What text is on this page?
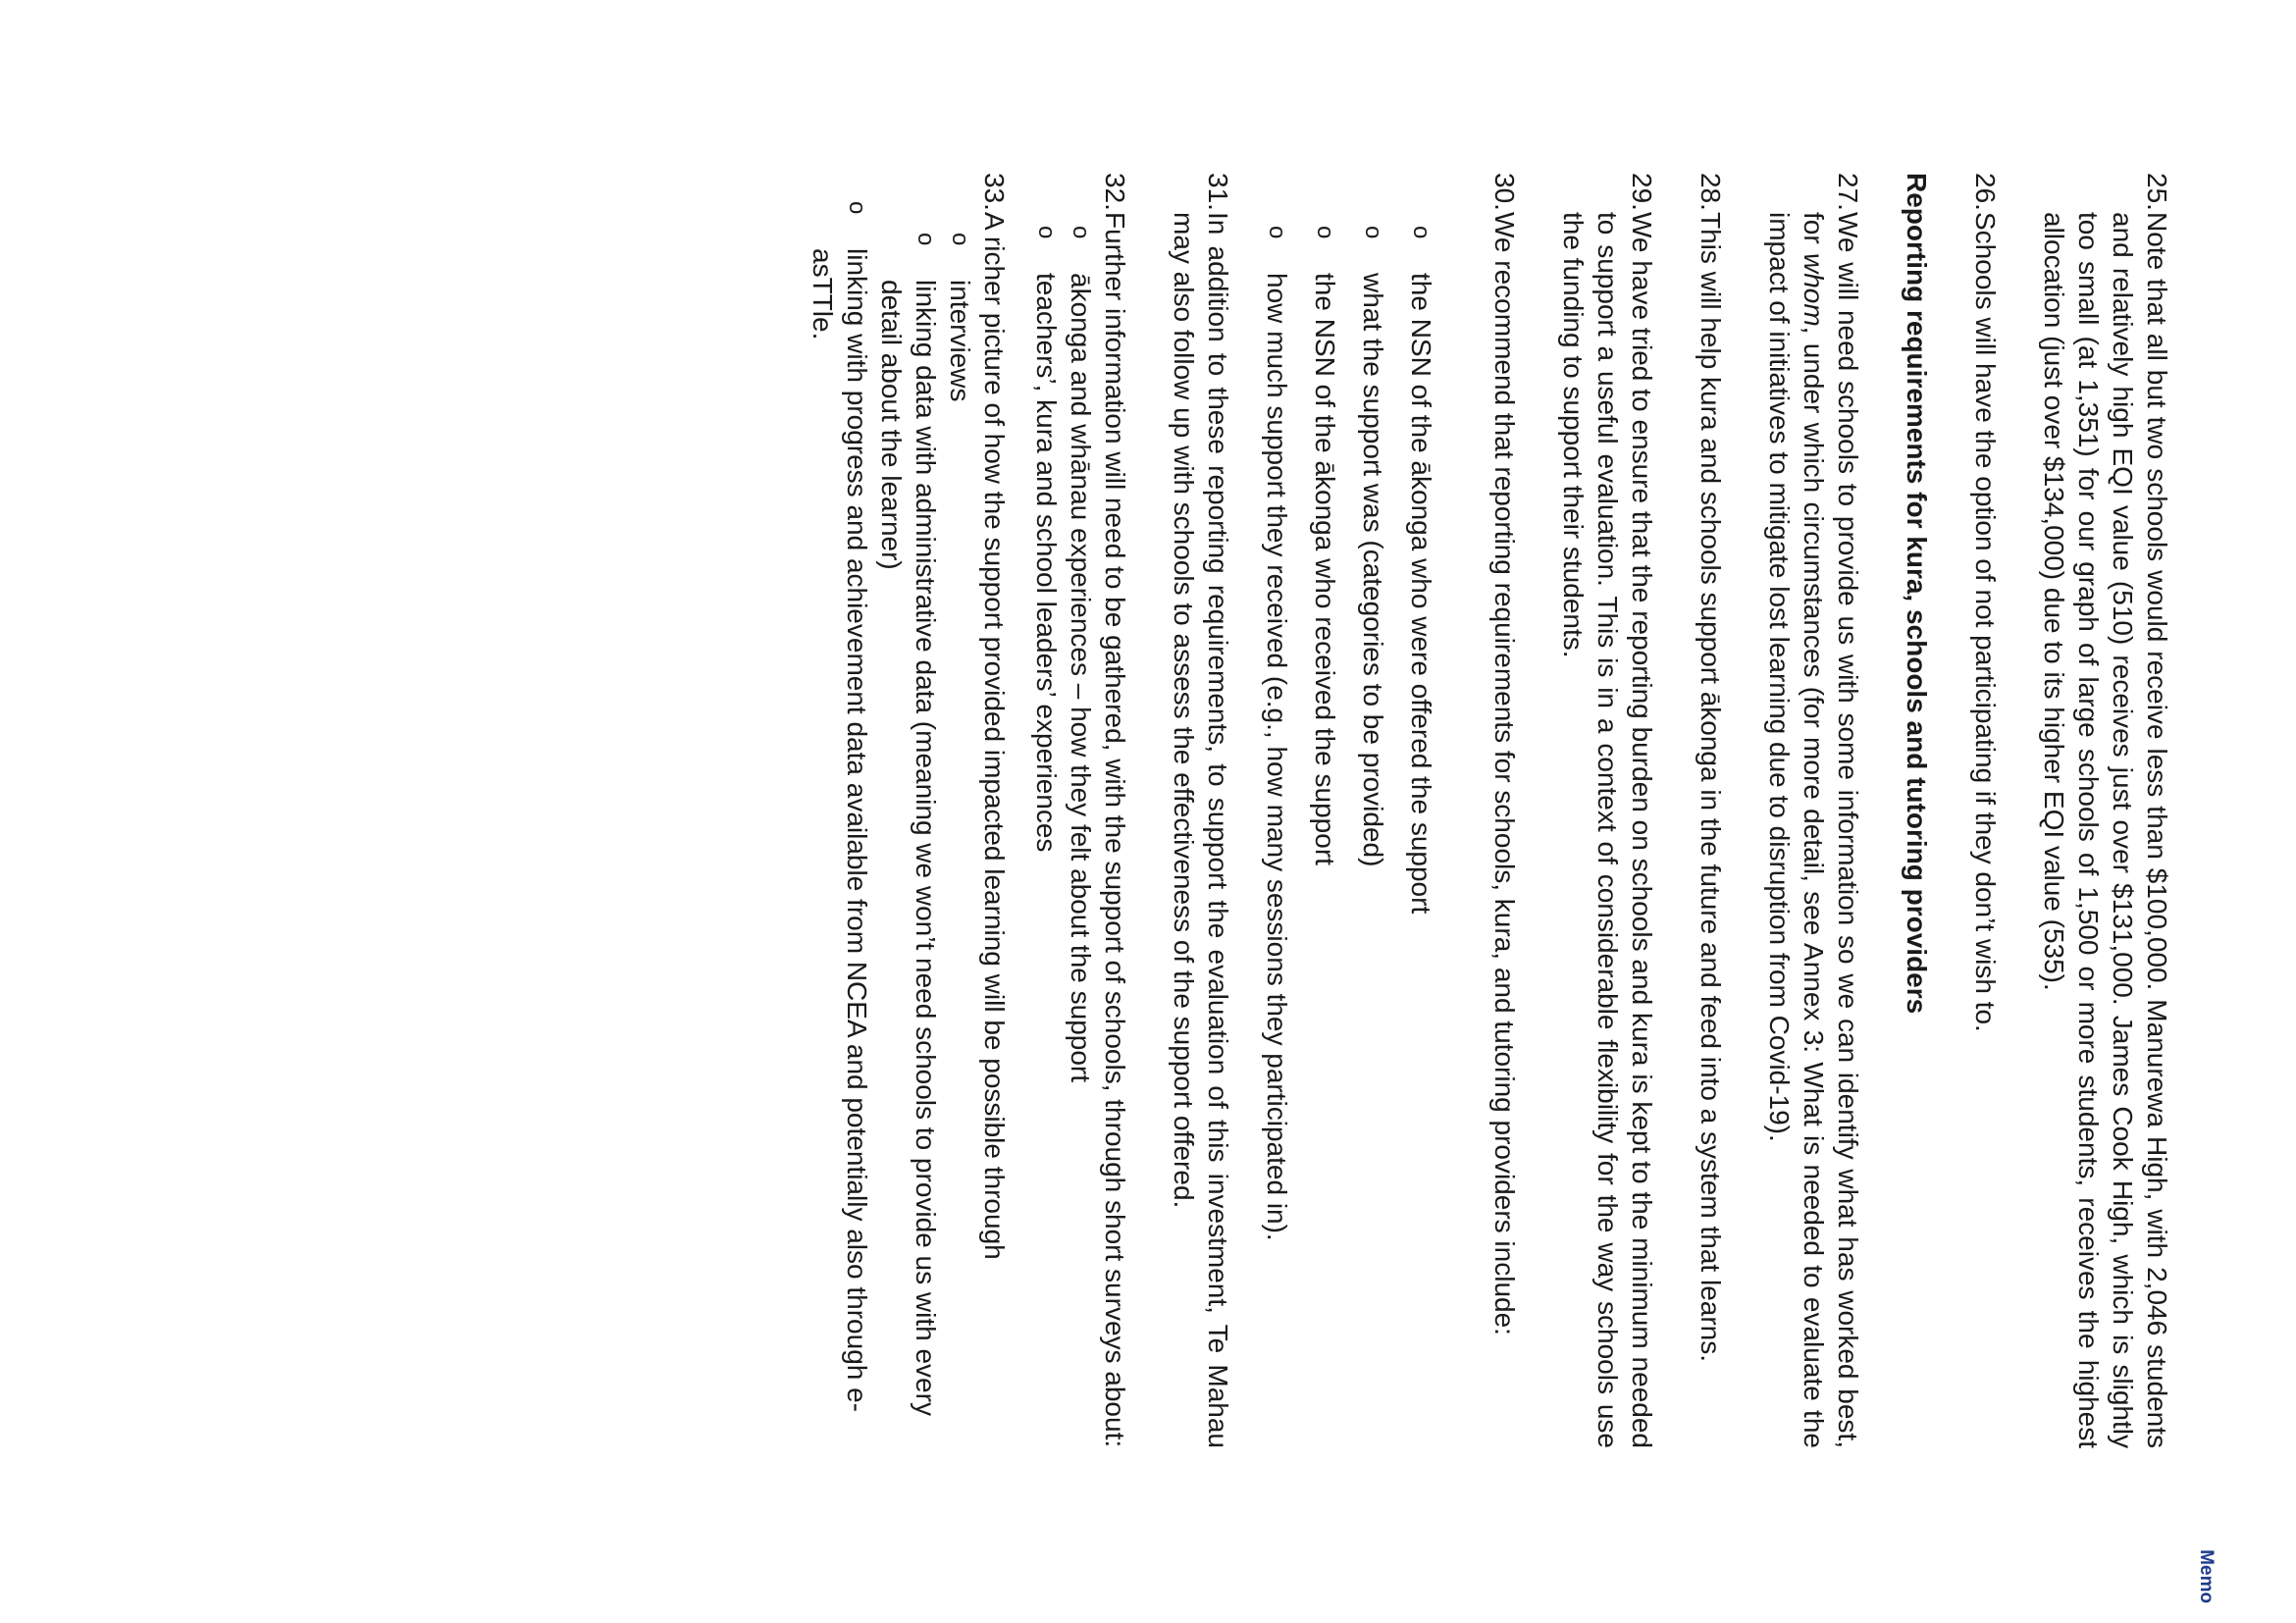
Memo
25.
Note that all but two schools would receive less than $100,000. Manurewa High, with 2,046 students and relatively high EQI value (510) receives just over $131,000. James Cook High, which is slightly too small (at 1,351) for our graph of large schools of 1,500 or more students, receives the highest allocation (just over $134,000) due to its higher EQI value (535).
26.
Schools will have the option of not participating if they don’t wish to.
Reporting requirements for kura, schools and tutoring providers
27.
We will need schools to provide us with some information so we can identify what has worked best, for whom, under which circumstances (for more detail, see Annex 3: What is needed to evaluate the impact of initiatives to mitigate lost learning due to disruption from Covid-19).
28.
This will help kura and schools support ākonga in the future and feed into a system that learns.
29.
We have tried to ensure that the reporting burden on schools and kura is kept to the minimum needed to support a useful evaluation. This is in a context of considerable flexibility for the way schools use the funding to support their students.
30.
We recommend that reporting requirements for schools, kura, and tutoring providers include:
o
the NSN of the ākonga who were offered the support
o
what the support was (categories to be provided)
o
the NSN of the ākonga who received the support
o
how much support they received (e.g., how many sessions they participated in).
31.
In addition to these reporting requirements, to support the evaluation of this investment, Te Mahau may also follow up with schools to assess the effectiveness of the support offered.
32.
Further information will need to be gathered, with the support of schools, through short surveys about:
o
ākonga and whānau experiences – how they felt about the support
o
teachers’, kura and school leaders’ experiences
33.
A richer picture of how the support provided impacted learning will be possible through
o
interviews
o
linking data with administrative data (meaning we won’t need schools to provide us with every detail about the learner)
o
linking with progress and achievement data available from NCEA and potentially also through e-asTTle.
